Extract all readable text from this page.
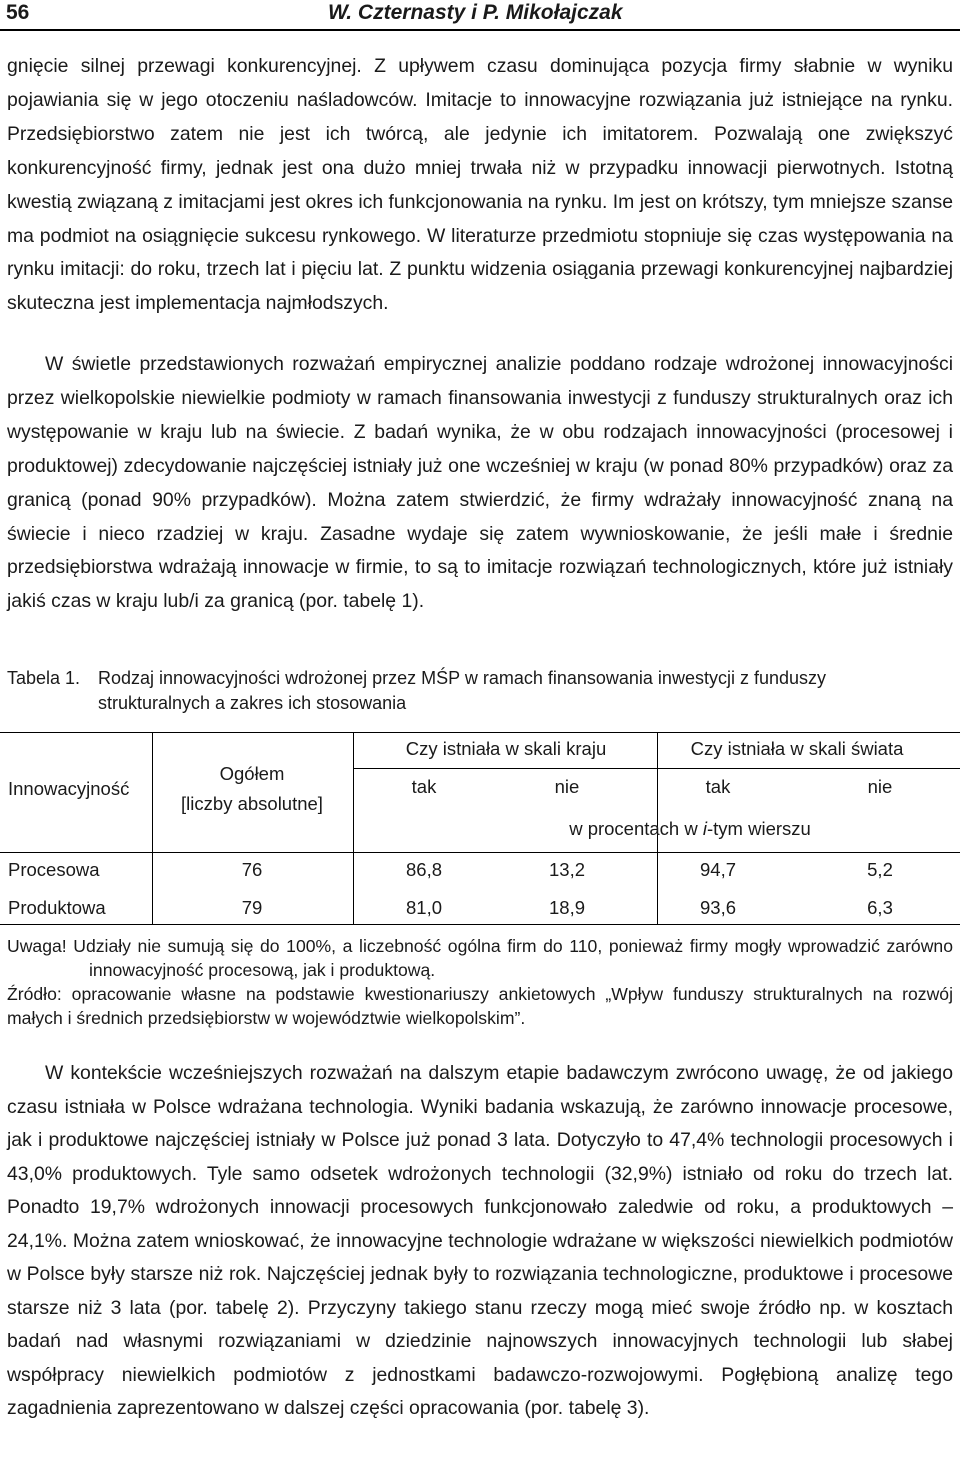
56	W. Czternasty i P. Mikołajczak

gnięcie silnej przewagi konkurencyjnej. Z upływem czasu dominująca pozycja firmy słabnie w wyniku pojawiania się w jego otoczeniu naśladowców. Imitacje to innowacyjne rozwiązania już istniejące na rynku. Przedsiębiorstwo zatem nie jest ich twórcą, ale jedynie ich imitatorem. Pozwalają one zwiększyć konkurencyjność firmy, jednak jest ona dużo mniej trwała niż w przypadku innowacji pierwotnych. Istotną kwestią związaną z imitacjami jest okres ich funkcjonowania na rynku. Im jest on krótszy, tym mniejsze szanse ma podmiot na osiągnięcie sukcesu rynkowego. W literaturze przedmiotu stopniuje się czas występowania na rynku imitacji: do roku, trzech lat i pięciu lat. Z punktu widzenia osiągania przewagi konkurencyjnej najbardziej skuteczna jest implementacja najmłodszych.

W świetle przedstawionych rozważań empirycznej analizie poddano rodzaje wdrożonej innowacyjności przez wielkopolskie niewielkie podmioty w ramach finansowania inwestycji z funduszy strukturalnych oraz ich występowanie w kraju lub na świecie. Z badań wynika, że w obu rodzajach innowacyjności (procesowej i produktowej) zdecydowanie najczęściej istniały już one wcześniej w kraju (w ponad 80% przypadków) oraz za granicą (ponad 90% przypadków). Można zatem stwierdzić, że firmy wdrażały innowacyjność znaną na świecie i nieco rzadziej w kraju. Zasadne wydaje się zatem wywnioskowanie, że jeśli małe i średnie przedsiębiorstwa wdrażają innowacje w firmie, to są to imitacje rozwiązań technologicznych, które już istniały jakiś czas w kraju lub/i za granicą (por. tabelę 1).

Tabela 1. Rodzaj innowacyjności wdrożonej przez MŚP w ramach finansowania inwestycji z funduszy strukturalnych a zakres ich stosowania

Innowacyjność
Ogółem
[liczby absolutne]
Czy istniała w skali kraju	Czy istniała w skali świata
tak	nie	tak	nie
w procentach w i-tym wierszu
Procesowa	76	86,8	13,2	94,7	5,2
Produktowa	79	81,0	18,9	93,6	6,3

Uwaga! Udziały nie sumują się do 100%, a liczebność ogólna firm do 110, ponieważ firmy mogły wprowadzić zarówno innowacyjność procesową, jak i produktową.

Źródło: opracowanie własne na podstawie kwestionariuszy ankietowych „Wpływ funduszy strukturalnych na rozwój małych i średnich przedsiębiorstw w województwie wielkopolskim”.

W kontekście wcześniejszych rozważań na dalszym etapie badawczym zwrócono uwagę, że od jakiego czasu istniała w Polsce wdrażana technologia. Wyniki badania wskazują, że zarówno innowacje procesowe, jak i produktowe najczęściej istniały w Polsce już ponad 3 lata. Dotyczyło to 47,4% technologii procesowych i 43,0% produktowych. Tyle samo odsetek wdrożonych technologii (32,9%) istniało od roku do trzech lat. Ponadto 19,7% wdrożonych innowacji procesowych funkcjonowało zaledwie od roku, a produktowych – 24,1%. Można zatem wnioskować, że innowacyjne technologie wdrażane w większości niewielkich podmiotów w Polsce były starsze niż rok. Najczęściej jednak były to rozwiązania technologiczne, produktowe i procesowe starsze niż 3 lata (por. tabelę 2). Przyczyny takiego stanu rzeczy mogą mieć swoje źródło np. w kosztach badań nad własnymi rozwiązaniami w dziedzinie najnowszych innowacyjnych technologii lub słabej współpracy niewielkich podmiotów z jednostkami badawczo-rozwojowymi. Pogłębioną analizę tego zagadnienia zaprezentowano w dalszej części opracowania (por. tabelę 3).
